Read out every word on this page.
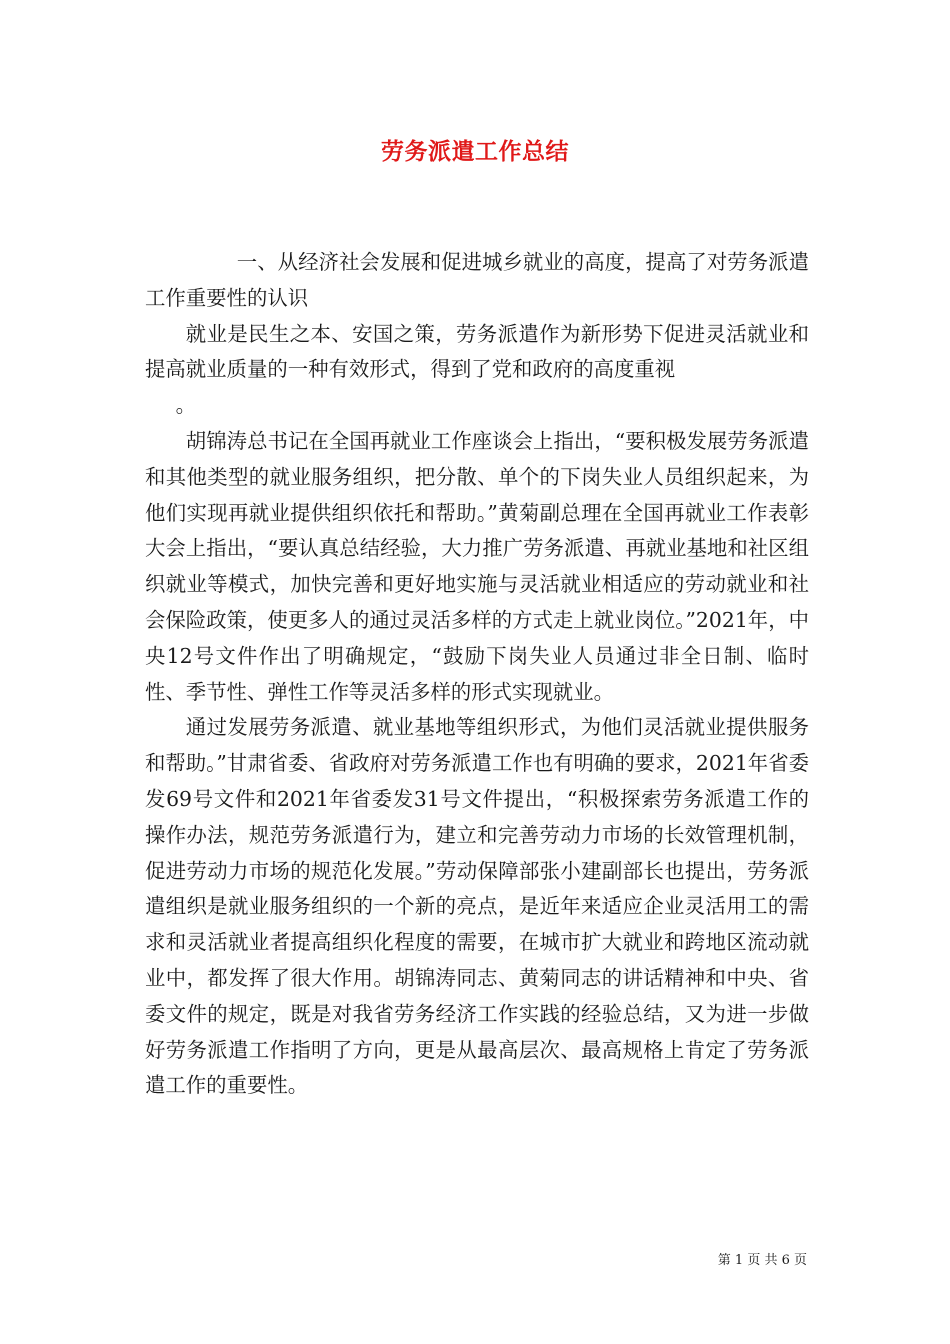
劳务派遣工作总结

一、从经济社会发展和促进城乡就业的高度，提高了对劳务派遣工作重要性的认识

就业是民生之本、安国之策，劳务派遣作为新形势下促进灵活就业和提高就业质量的一种有效形式，得到了党和政府的高度重视

。

胡锦涛总书记在全国再就业工作座谈会上指出，“要积极发展劳务派遣和其他类型的就业服务组织，把分散、单个的下岗失业人员组织起来，为他们实现再就业提供组织依托和帮助。”黄菊副总理在全国再就业工作表彰大会上指出，“要认真总结经验，大力推广劳务派遣、再就业基地和社区组织就业等模式，加快完善和更好地实施与灵活就业相适应的劳动就业和社会保险政策，使更多人的通过灵活多样的方式走上就业岗位。”2021年，中央12号文件作出了明确规定，“鼓励下岗失业人员通过非全日制、临时性、季节性、弹性工作等灵活多样的形式实现就业。

通过发展劳务派遣、就业基地等组织形式，为他们灵活就业提供服务和帮助。”甘肃省委、省政府对劳务派遣工作也有明确的要求，2021年省委发69号文件和2021年省委发31号文件提出，“积极探索劳务派遣工作的操作办法，规范劳务派遣行为，建立和完善劳动力市场的长效管理机制，促进劳动力市场的规范化发展。”劳动保障部张小建副部长也提出，劳务派遣组织是就业服务组织的一个新的亮点，是近年来适应企业灵活用工的需求和灵活就业者提高组织化程度的需要，在城市扩大就业和跨地区流动就业中，都发挥了很大作用。胡锦涛同志、黄菊同志的讲话精神和中央、省委文件的规定，既是对我省劳务经济工作实践的经验总结，又为进一步做好劳务派遣工作指明了方向，更是从最高层次、最高规格上肯定了劳务派遣工作的重要性。

第 1 页 共 6 页
